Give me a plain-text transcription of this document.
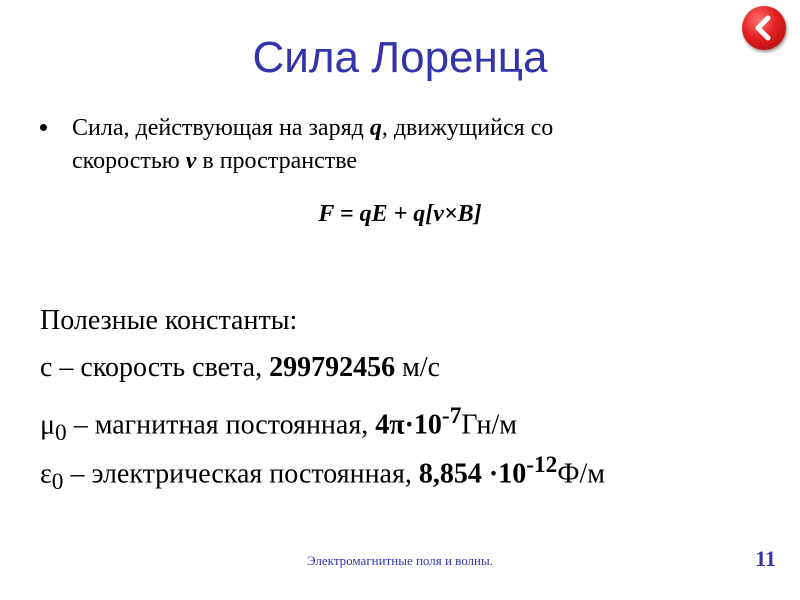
Сила Лоренца
Сила, действующая на заряд q, движущийся со
скоростью v в пространстве
F = qE + q[v×B]
Полезные константы:
c – скорость света, 299792456 м/с
$\mu_0$ – магнитная постоянная, $4\pi\cdot 10^{-7}Гн/м$
$\varepsilon_0$ – электрическая постоянная, $8,854 \cdot 10^{-12}Ф/м$
Электромагнитные поля и волны.	11
